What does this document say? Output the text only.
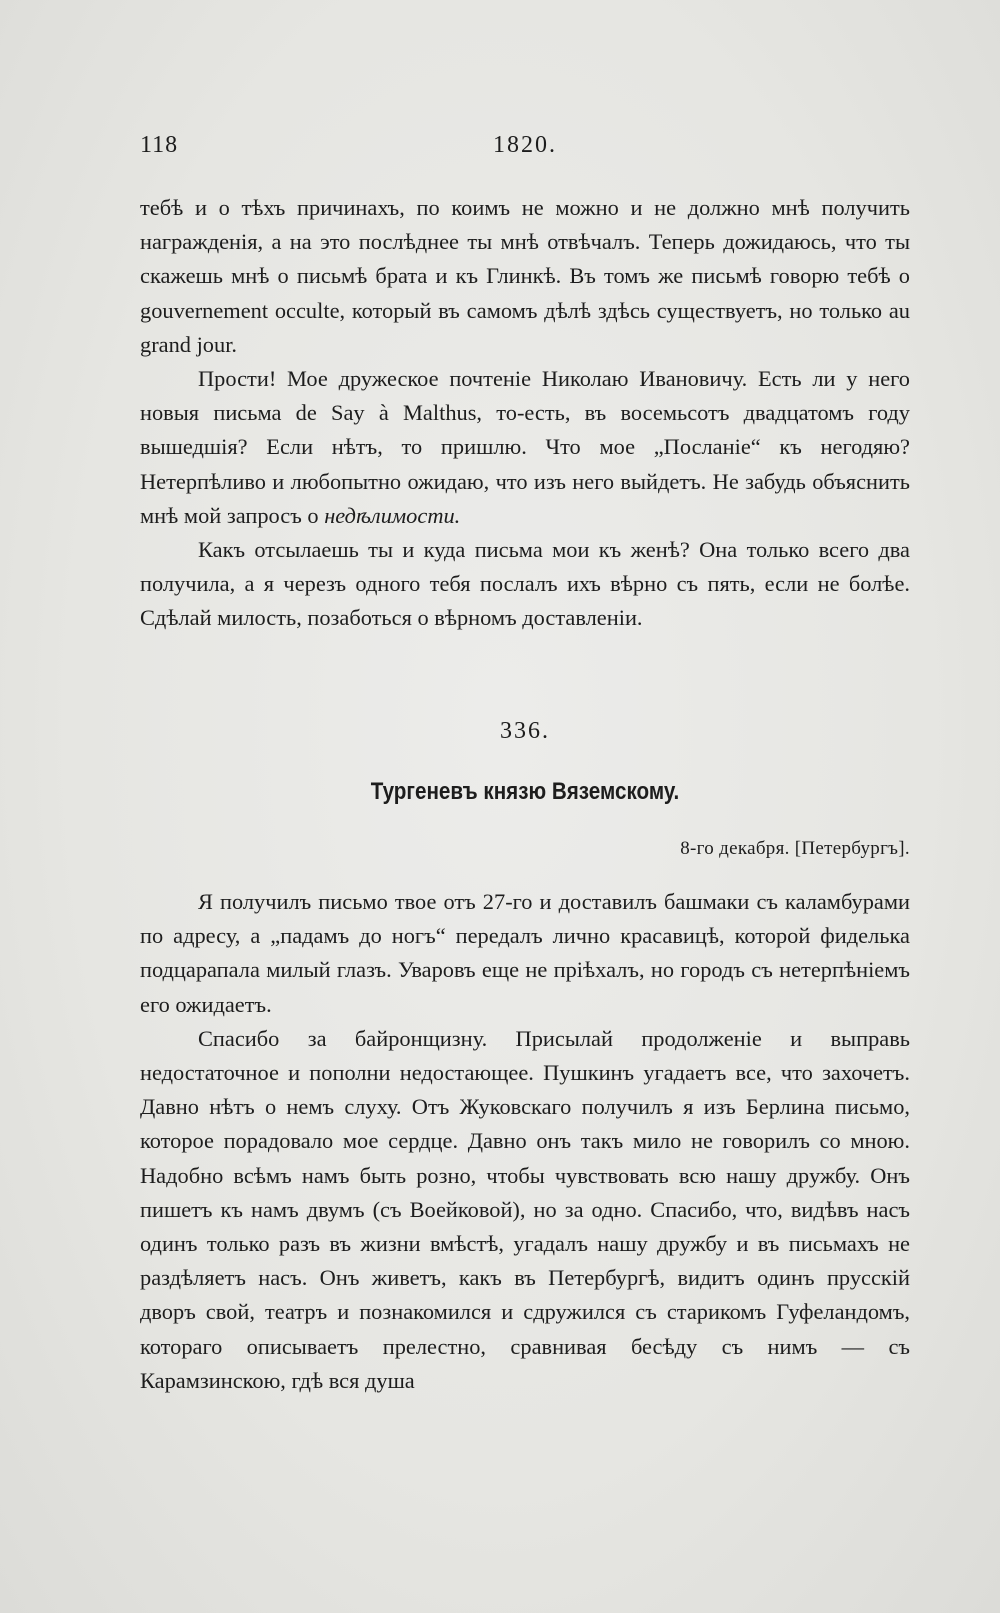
118	1820.

тебѣ и о тѣхъ причинахъ, по коимъ не можно и не должно мнѣ получить награжденія, а на это послѣднее ты мнѣ отвѣчалъ. Теперь дожидаюсь, что ты скажешь мнѣ о письмѣ брата и къ Глинкѣ. Въ томъ же письмѣ говорю тебѣ о gouvernement occulte, который въ самомъ дѣлѣ здѣсь существуетъ, но только au grand jour.

Прости! Мое дружеское почтеніе Николаю Ивановичу. Есть ли у него новыя письма de Say à Malthus, то-есть, въ восемьсотъ двадцатомъ году вышедшія? Если нѣтъ, то пришлю. Что мое „Посланіе“ къ негодяю? Нетерпѣливо и любопытно ожидаю, что изъ него выйдетъ. Не забудь объяснить мнѣ мой запросъ о недѣлимости.

Какъ отсылаешь ты и куда письма мои къ женѣ? Она только всего два получила, а я черезъ одного тебя послалъ ихъ вѣрно съ пять, если не болѣе. Сдѣлай милость, позаботься о вѣрномъ доставленіи.

336.
Тургеневъ князю Вяземскому.
8-го декабря. [Петербургъ].

Я получилъ письмо твое отъ 27-го и доставилъ башмаки съ каламбурами по адресу, а „падамъ до ногъ“ передалъ лично красавицѣ, которой фиделька подцарапала милый глазъ. Уваровъ еще не пріѣхалъ, но городъ съ нетерпѣніемъ его ожидаетъ.

Спасибо за байронщизну. Присылай продолженіе и выправь недостаточное и пополни недостающее. Пушкинъ угадаетъ все, что захочетъ. Давно нѣтъ о немъ слуху. Отъ Жуковскаго получилъ я изъ Берлина письмо, которое порадовало мое сердце. Давно онъ такъ мило не говорилъ со мною. Надобно всѣмъ намъ быть розно, чтобы чувствовать всю нашу дружбу. Онъ пишетъ къ намъ двумъ (съ Воейковой), но за одно. Спасибо, что, видѣвъ насъ одинъ только разъ въ жизни вмѣстѣ, угадалъ нашу дружбу и въ письмахъ не раздѣляетъ насъ. Онъ живетъ, какъ въ Петербургѣ, видитъ одинъ прусскій дворъ свой, театръ и познакомился и сдружился съ старикомъ Гуфеландомъ, котораго описываетъ прелестно, сравнивая бесѣду съ нимъ — съ Карамзинскою, гдѣ вся душа
